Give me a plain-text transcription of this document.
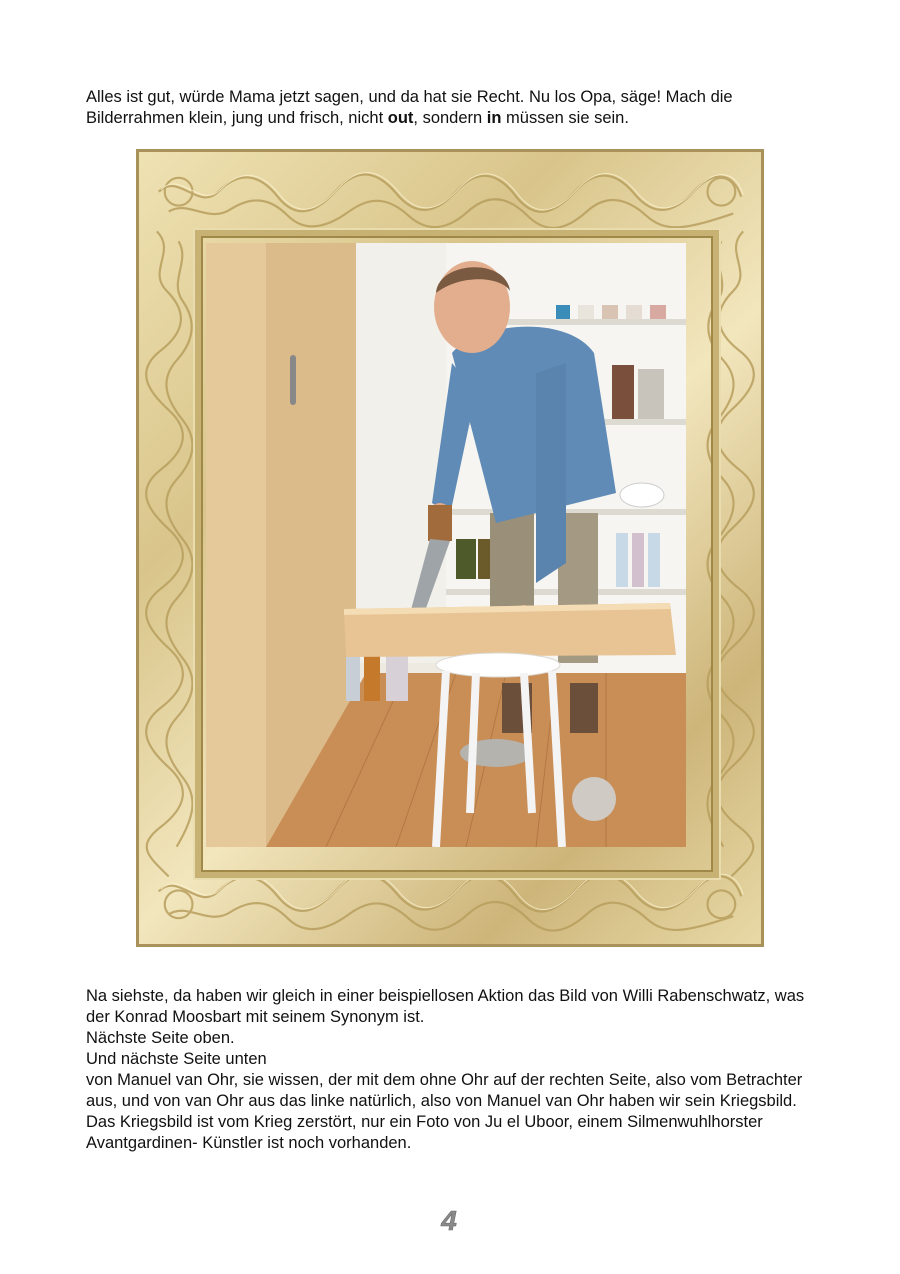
Alles ist gut, würde Mama jetzt sagen, und da hat sie Recht. Nu los Opa, säge! Mach die Bilderrahmen klein, jung und frisch, nicht out, sondern in müssen sie sein.

Na siehste, da haben wir gleich in einer beispiellosen Aktion das Bild von Willi Rabenschwatz, was der Konrad Moosbart mit seinem Synonym ist.
Nächste Seite oben.
Und nächste Seite unten
von Manuel van Ohr, sie wissen, der mit dem ohne Ohr auf der rechten Seite, also vom Betrachter aus, und von van Ohr aus das linke natürlich, also von Manuel van Ohr haben wir sein Kriegsbild. Das Kriegsbild ist vom Krieg zerstört, nur ein Foto von Ju el Uboor, einem Silmenwuhlhorster Avantgardinen- Künstler ist noch vorhanden.

4
